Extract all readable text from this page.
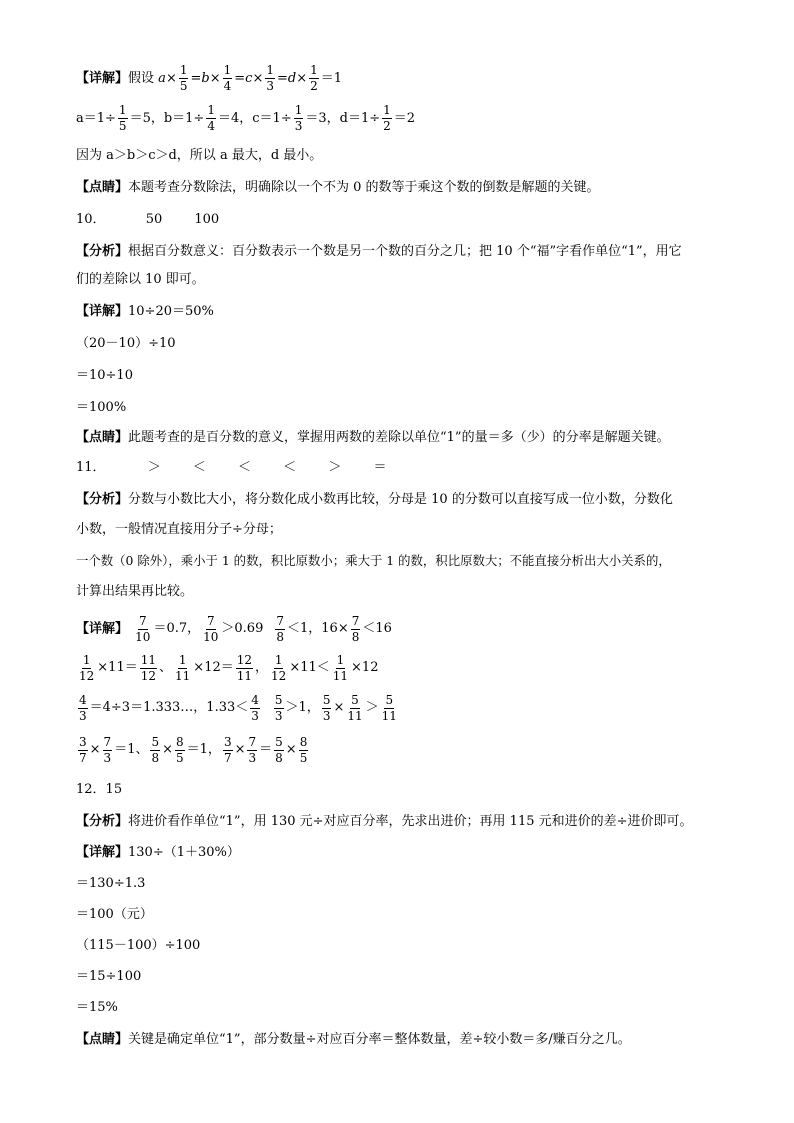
【详解】假设 $a \times \frac{1}{5} = b \times \frac{1}{4} = c \times \frac{1}{3} = d \times \frac{1}{2} = 1$
$a=1\div \frac{1}{5} =5$， $b=1\div \frac{1}{4} =4$， $c=1\div \frac{1}{3} =3$， $d=1\div \frac{1}{2} =2$
因为 a＞b＞c＞d，所以 a 最大，d 最小。
【点睛】本题考查分数除法，明确除以一个不为 0 的数等于乘这个数的倒数是解题的关键。
10．	50 100
【分析】根据百分数意义：百分数表示一个数是另一个数的百分之几；把 10 个“福”字看作单位“1”，用它
们的差除以 10 即可。
【详解】10÷20＝50%
（20－10）÷10
＝10÷10
＝100%
【点睛】此题考查的是百分数的意义，掌握用两数的差除以单位“1”的量＝多（少）的分率是解题关键。
11．	＞ ＜ ＜ ＜ ＞ ＝
【分析】分数与小数比大小，将分数化成小数再比较，分母是 10 的分数可以直接写成一位小数，分数化
小数，一般情况直接用分子÷分母；
一个数（0 除外），乘小于 1 的数，积比原数小；乘大于 1 的数，积比原数大；不能直接分析出大小关系的，
计算出结果再比较。
【详解】 $\frac{7}{10} =0.7$， $\frac{7}{10} >0.69 \frac{7}{8} <1$，$16\times \frac{7}{8} <16$
$\frac{1}{12} \times 11= \frac{11}{12}$ 、 $\frac{1}{11} \times 12= \frac{12}{11}$ ， $\frac{1}{12} \times 11< \frac{1}{11} \times 12$
$\frac{4}{3}$ ＝4÷3＝1.333…，$1.33< \frac{4}{3} \frac{5}{3} >1$， $\frac{5}{3} \times \frac{5}{11} > \frac{5}{11}$
$\frac{3}{7} \times \frac{7}{3} =1$、 $\frac{5}{8} \times \frac{8}{5} =1$， $\frac{3}{7} \times \frac{7}{3} = \frac{5}{8} \times \frac{8}{5}$
12．15
【分析】将进价看作单位“1”，用 130 元÷对应百分率，先求出进价；再用 115 元和进价的差÷进价即可。
【详解】130÷（1＋30%）
＝130÷1.3
＝100（元）
（115－100）÷100
＝15÷100
＝15%
【点睛】关键是确定单位“1”，部分数量÷对应百分率＝整体数量，差÷较小数＝多/赚百分之几。
